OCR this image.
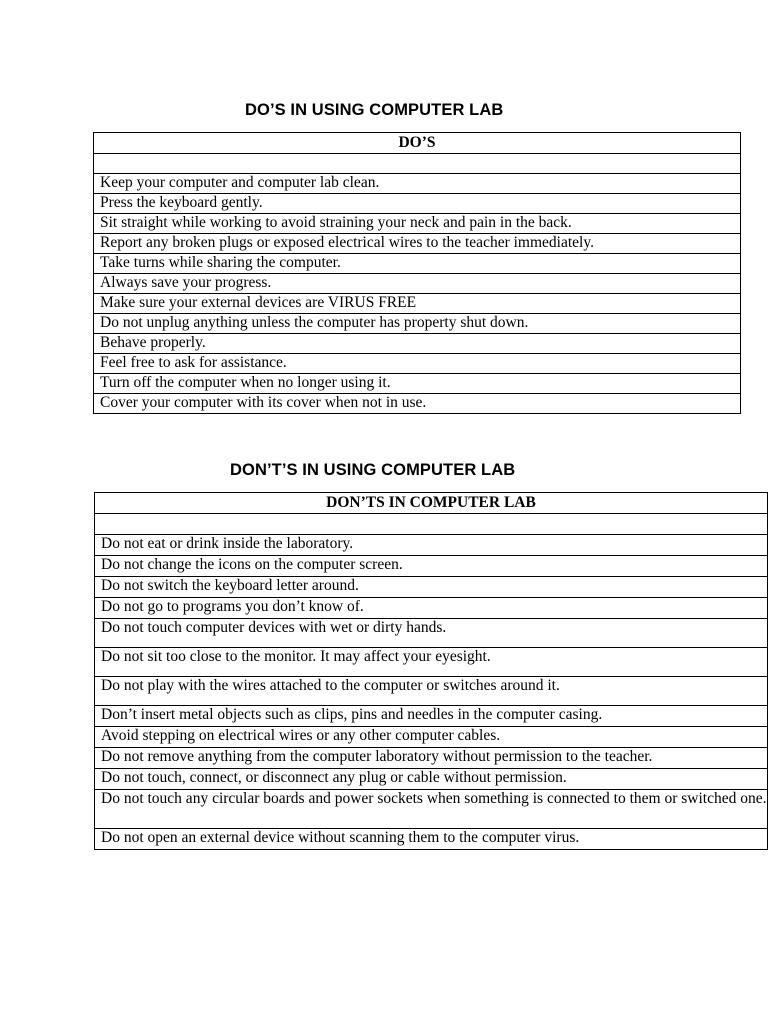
DO’S IN USING COMPUTER LAB
DO’S

Keep your computer and computer lab clean.
Press the keyboard gently.
Sit straight while working to avoid straining your neck and pain in the back.
Report any broken plugs or exposed electrical wires to the teacher immediately.
Take turns while sharing the computer.
Always save your progress.
Make sure your external devices are VIRUS FREE
Do not unplug anything unless the computer has property shut down.
Behave properly.
Feel free to ask for assistance.
Turn off the computer when no longer using it.
Cover your computer with its cover when not in use.
DON’T’S IN USING COMPUTER LAB
DON’TS IN COMPUTER LAB

Do not eat or drink inside the laboratory.
Do not change the icons on the computer screen.
Do not switch the keyboard letter around.
Do not go to programs you don’t know of.
Do not touch computer devices with wet or dirty hands.
Do not sit too close to the monitor. It may affect your eyesight.
Do not play with the wires attached to the computer or switches around it.
Don’t insert metal objects such as clips, pins and needles in the computer casing.
Avoid stepping on electrical wires or any other computer cables.
Do not remove anything from the computer laboratory without permission to the teacher.
Do not touch, connect, or disconnect any plug or cable without permission.
Do not touch any circular boards and power sockets when something is connected to them or switched one.
Do not open an external device without scanning them to the computer virus.
